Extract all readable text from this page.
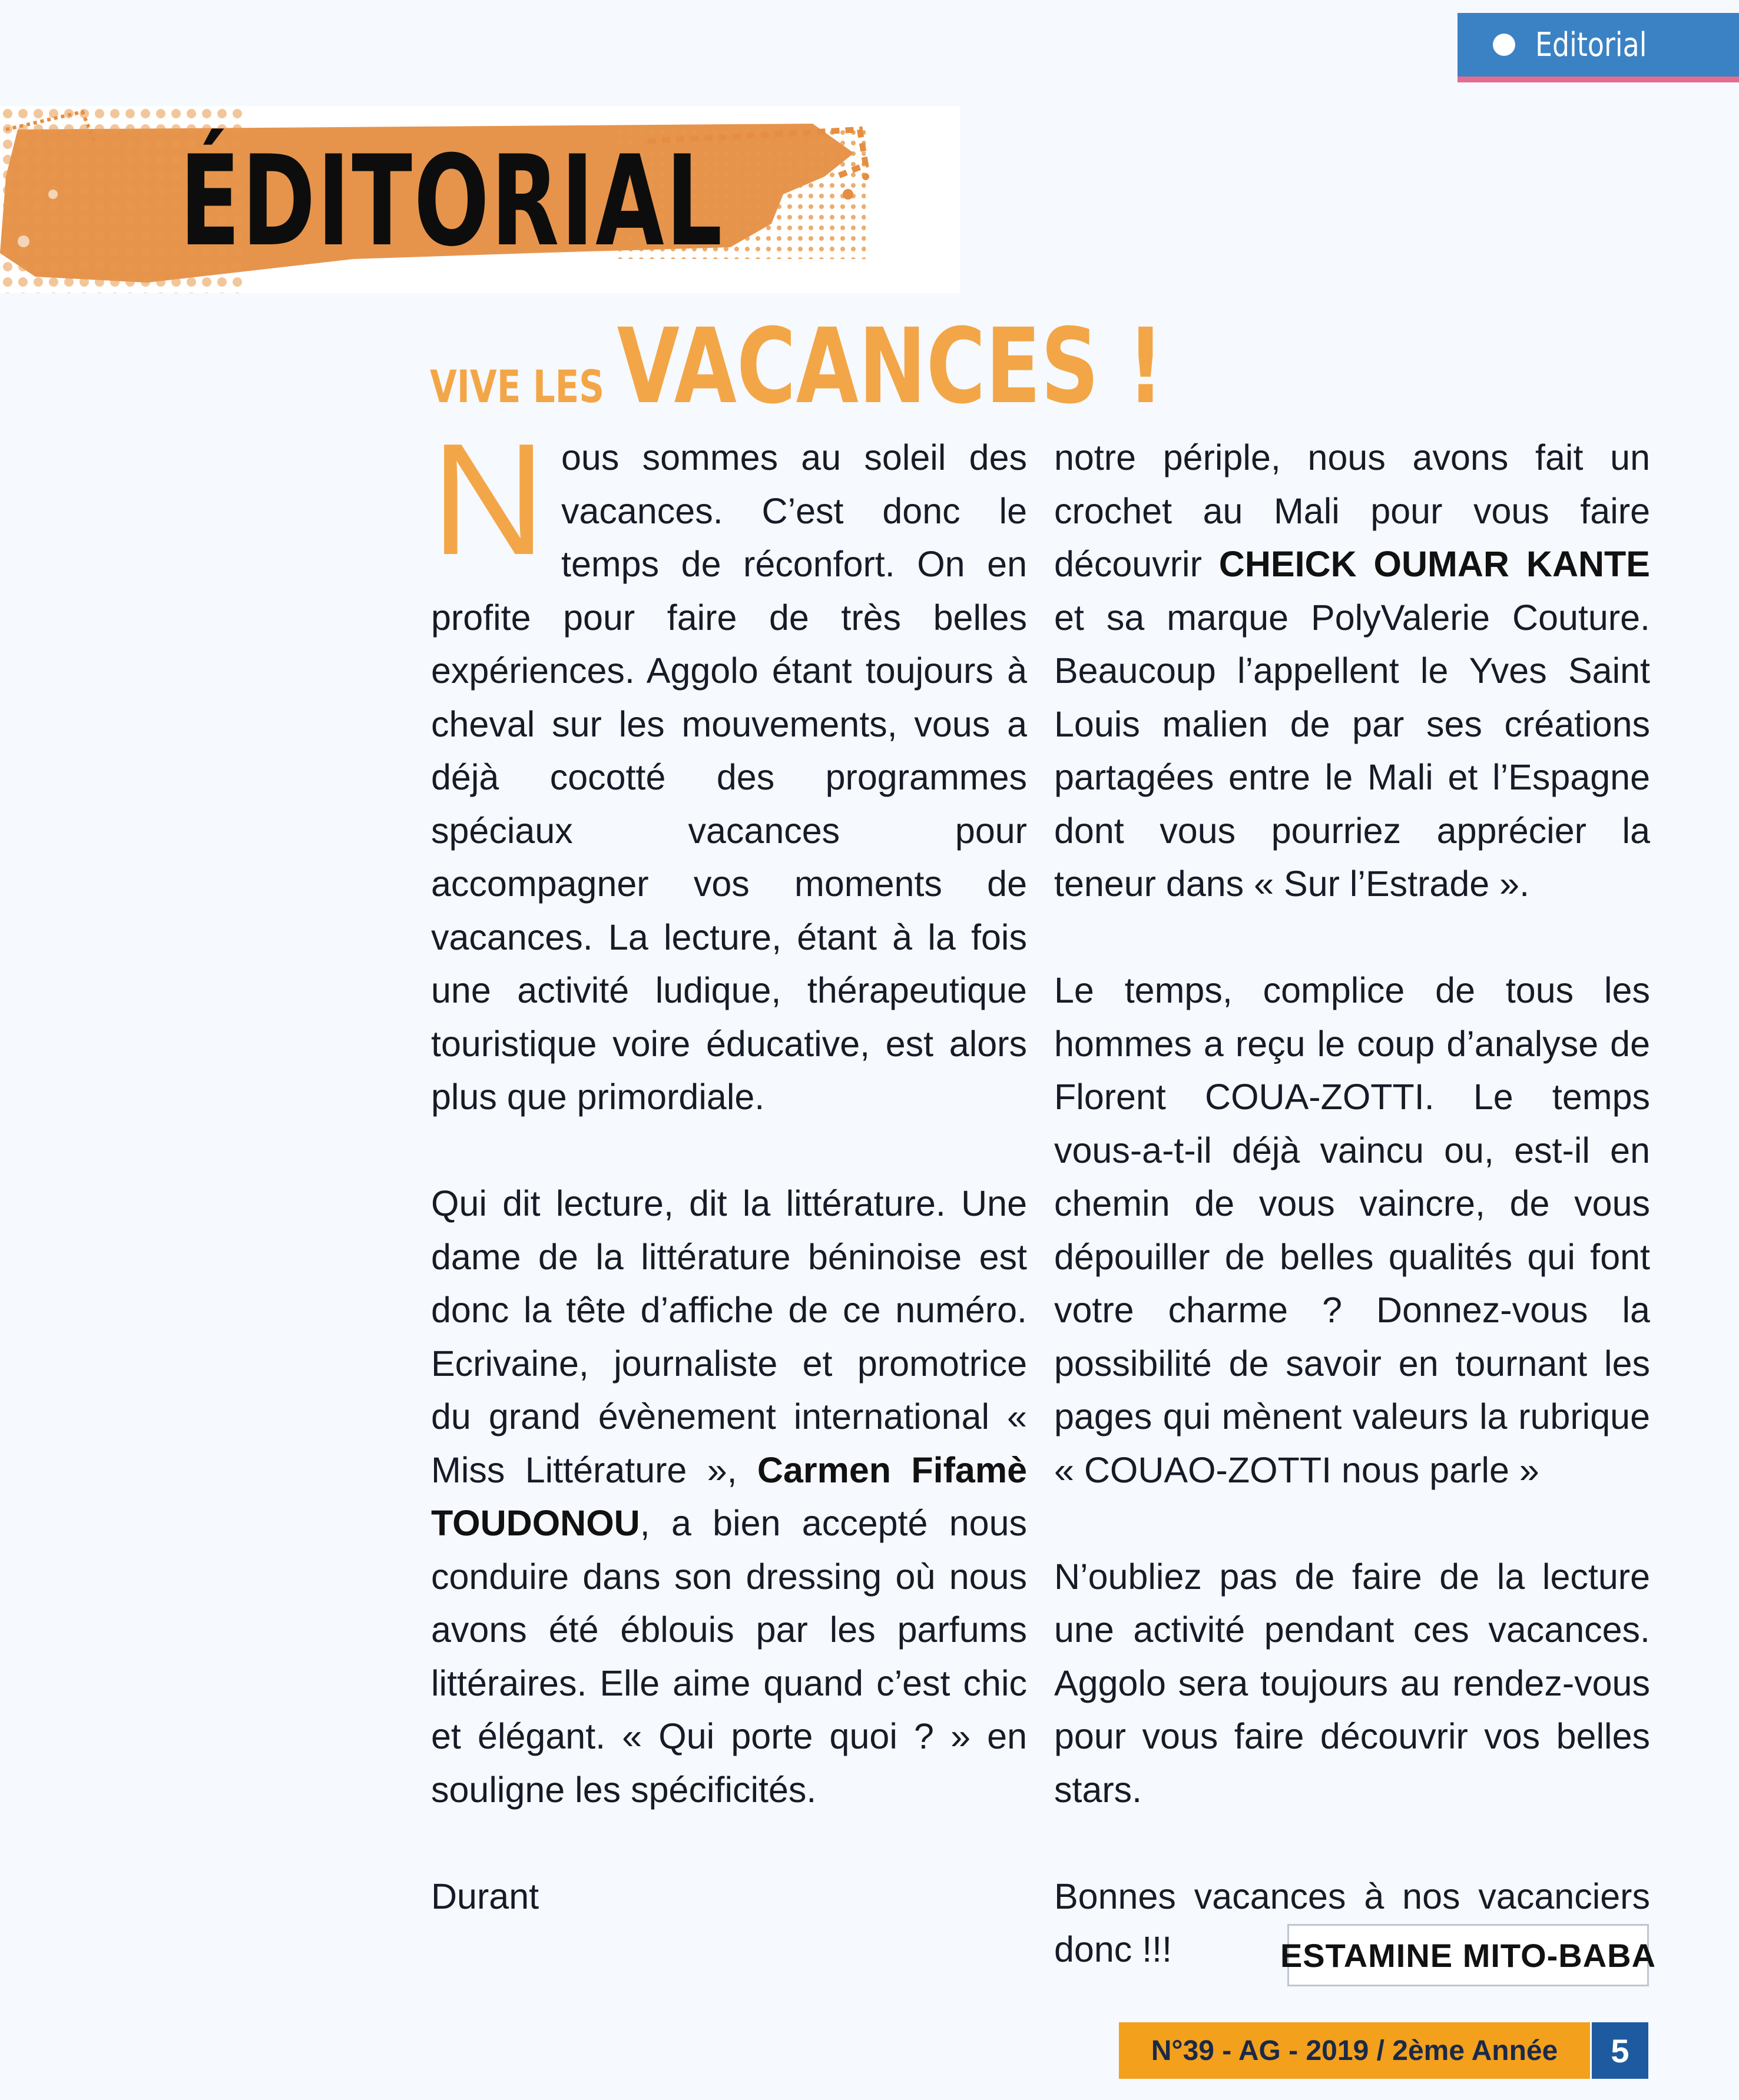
Editorial
ÉDITORIAL
VIVE LES VACANCES !

Nous sommes au soleil des vacances. C’est donc le temps de réconfort. On en profite pour faire de très belles expériences. Aggolo étant toujours à cheval sur les mouvements, vous a déjà cocotté des programmes spéciaux vacances pour accompagner vos moments de vacances. La lecture, étant à la fois une activité ludique, thérapeutique touristique voire éducative, est alors plus que primordiale.

Qui dit lecture, dit la littérature. Une dame de la littérature béninoise est donc la tête d’affiche de ce numéro. Ecrivaine, journaliste et promotrice du grand évènement international « Miss Littérature », Carmen Fifamè TOUDONOU, a bien accepté nous conduire dans son dressing où nous avons été éblouis par les parfums littéraires. Elle aime quand c’est chic et élégant. « Qui porte quoi ? » en souligne les spécificités.

Durant

notre périple, nous avons fait un crochet au Mali pour vous faire découvrir CHEICK OUMAR KANTE et sa marque PolyValerie Couture. Beaucoup l’appellent le Yves Saint Louis malien de par ses créations partagées entre le Mali et l’Espagne dont vous pourriez apprécier la teneur dans « Sur l’Estrade ».

Le temps, complice de tous les hommes a reçu le coup d’analyse de Florent COUA-ZOTTI. Le temps vous-a-t-il déjà vaincu ou, est-il en chemin de vous vaincre, de vous dépouiller de belles qualités qui font votre charme ? Donnez-vous la possibilité de savoir en tournant les pages qui mènent valeurs la rubrique « COUAO-ZOTTI nous parle »

N’oubliez pas de faire de la lecture une activité pendant ces vacances. Aggolo sera toujours au rendez-vous pour vous faire découvrir vos belles stars.

Bonnes vacances à nos vacanciers donc !!!	ESTAMINE MITO-BABA
N°39 - AG - 2019 / 2ème Année	5
